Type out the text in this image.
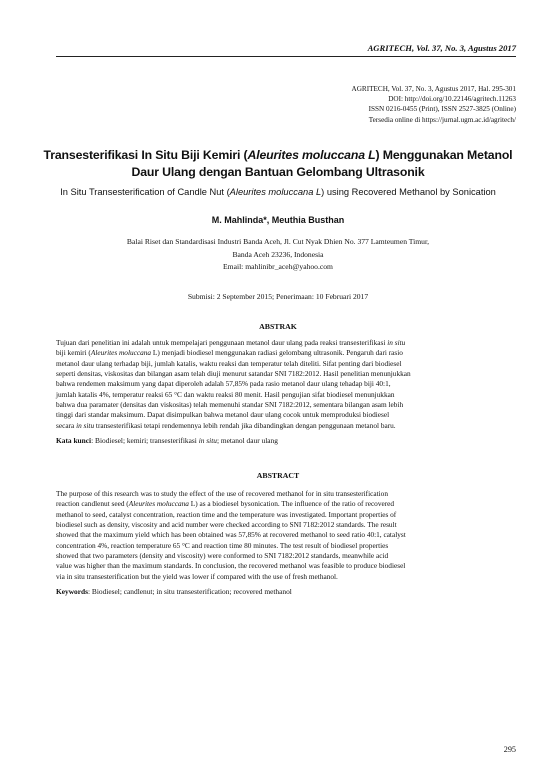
AGRITECH, Vol. 37, No. 3, Agustus 2017
AGRITECH, Vol. 37, No. 3, Agustus 2017, Hal. 295-301
DOI: http://doi.org/10.22146/agritech.11263
ISSN 0216-0455 (Print), ISSN 2527-3825 (Online)
Tersedia online di https://jurnal.ugm.ac.id/agritech/
Transesterifikasi In Situ Biji Kemiri (Aleurites moluccana L) Menggunakan Metanol Daur Ulang dengan Bantuan Gelombang Ultrasonik
In Situ Transesterification of Candle Nut (Aleurites moluccana L) using Recovered Methanol by Sonication
M. Mahlinda*, Meuthia Busthan
Balai Riset dan Standardisasi Industri Banda Aceh, Jl. Cut Nyak Dhien No. 377 Lamteumen Timur,
Banda Aceh 23236, Indonesia
Email: mahlinibr_aceh@yahoo.com
Submisi: 2 September 2015; Penerimaan: 10 Februari 2017
ABSTRAK
Tujuan dari penelitian ini adalah untuk mempelajari penggunaan metanol daur ulang pada reaksi transesterifikasi in situ
biji kemiri (Aleurites moluccana L) menjadi biodiesel menggunakan radiasi gelombang ultrasonik. Pengaruh dari rasio
metanol daur ulang terhadap biji, jumlah katalis, waktu reaksi dan temperatur telah diteliti. Sifat penting dari biodiesel
seperti densitas, viskositas dan bilangan asam telah diuji menurut satandar SNI 7182:2012. Hasil penelitian menunjukkan
bahwa rendemen maksimum yang dapat diperoleh adalah 57,85% pada rasio metanol daur ulang tehadap biji 40:1,
jumlah katalis 4%, temperatur reaksi 65 °C dan waktu reaksi 80 menit. Hasil pengujian sifat biodiesel menunjukkan
bahwa dua paramater (densitas dan viskositas) telah memenuhi standar SNI 7182:2012, sementara bilangan asam lebih
tinggi dari standar maksimum. Dapat disimpulkan bahwa metanol daur ulang cocok untuk memproduksi biodiesel
secara in situ transesterifikasi tetapi rendemennya lebih rendah jika dibandingkan dengan penggunaan metanol baru.
Kata kunci: Biodiesel; kemiri; transesterifikasi in situ; metanol daur ulang
ABSTRACT
The purpose of this research was to study the effect of the use of recovered methanol for in situ transesterification
reaction candlenut seed (Aleurites moluccana L) as a biodiesel bysonication. The influence of the ratio of recovered
methanol to seed, catalyst concentration, reaction time and the temperature was investigated. Important properties of
biodiesel such as density, viscosity and acid number were checked according to SNI 7182:2012 standards. The result
showed that the maximum yield which has been obtained was 57,85% at recovered methanol to seed ratio 40:1, catalyst
concentration 4%, reaction temperature 65 °C and reaction time 80 minutes. The test result of biodiesel properties
showed that two parameters (density and viscosity) were conformed to SNI 7182:2012 standards, meanwhile acid
value was higher than the maximum standards. In conclusion, the recovered methanol was feasible to produce biodiesel
via in situ transesterification but the yield was lower if compared with the use of fresh methanol.
Keywords: Biodiesel; candlenut; in situ transesterification; recovered methanol
295
